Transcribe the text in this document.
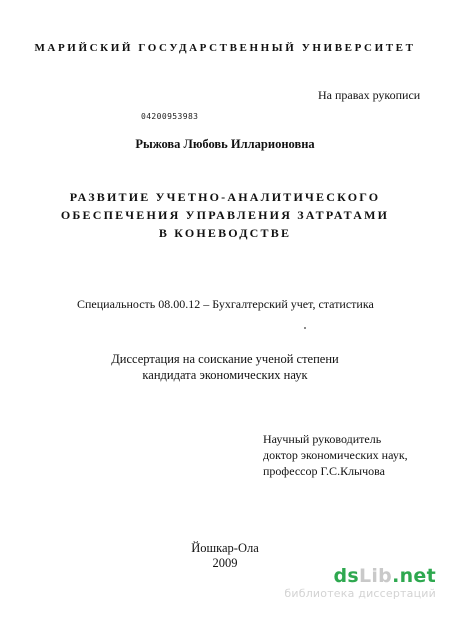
МАРИЙСКИЙ ГОСУДАРСТВЕННЫЙ УНИВЕРСИТЕТ
На правах рукописи
04200953983
Рыжова Любовь Илларионовна
РАЗВИТИЕ УЧЕТНО-АНАЛИТИЧЕСКОГО
ОБЕСПЕЧЕНИЯ УПРАВЛЕНИЯ ЗАТРАТАМИ
В КОНЕВОДСТВЕ
Специальность 08.00.12 – Бухгалтерский учет, статистика
Диссертация на соискание ученой степени
кандидата экономических наук
Научный руководитель
доктор экономических наук,
профессор Г.С.Клычова
Йошкар-Ола
2009
dsLib.net
библиотека диссертаций
